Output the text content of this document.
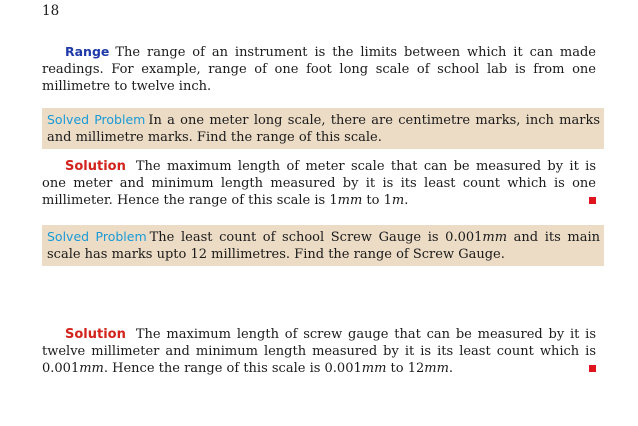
18
Range The range of an instrument is the limits between which it can made readings. For example, range of one foot long scale of school lab is from one millimetre to twelve inch.
Solved Problem In a one meter long scale, there are centimetre marks, inch marks and millimetre marks. Find the range of this scale.
Solution The maximum length of meter scale that can be measured by it is one meter and minimum length measured by it is its least count which is one millimeter. Hence the range of this scale is 1mm to 1m.
Solved Problem The least count of school Screw Gauge is 0.001mm and its main scale has marks upto 12 millimetres. Find the range of Screw Gauge.
Solution The maximum length of screw gauge that can be measured by it is twelve millimeter and minimum length measured by it is its least count which is 0.001mm. Hence the range of this scale is 0.001mm to 12mm.
